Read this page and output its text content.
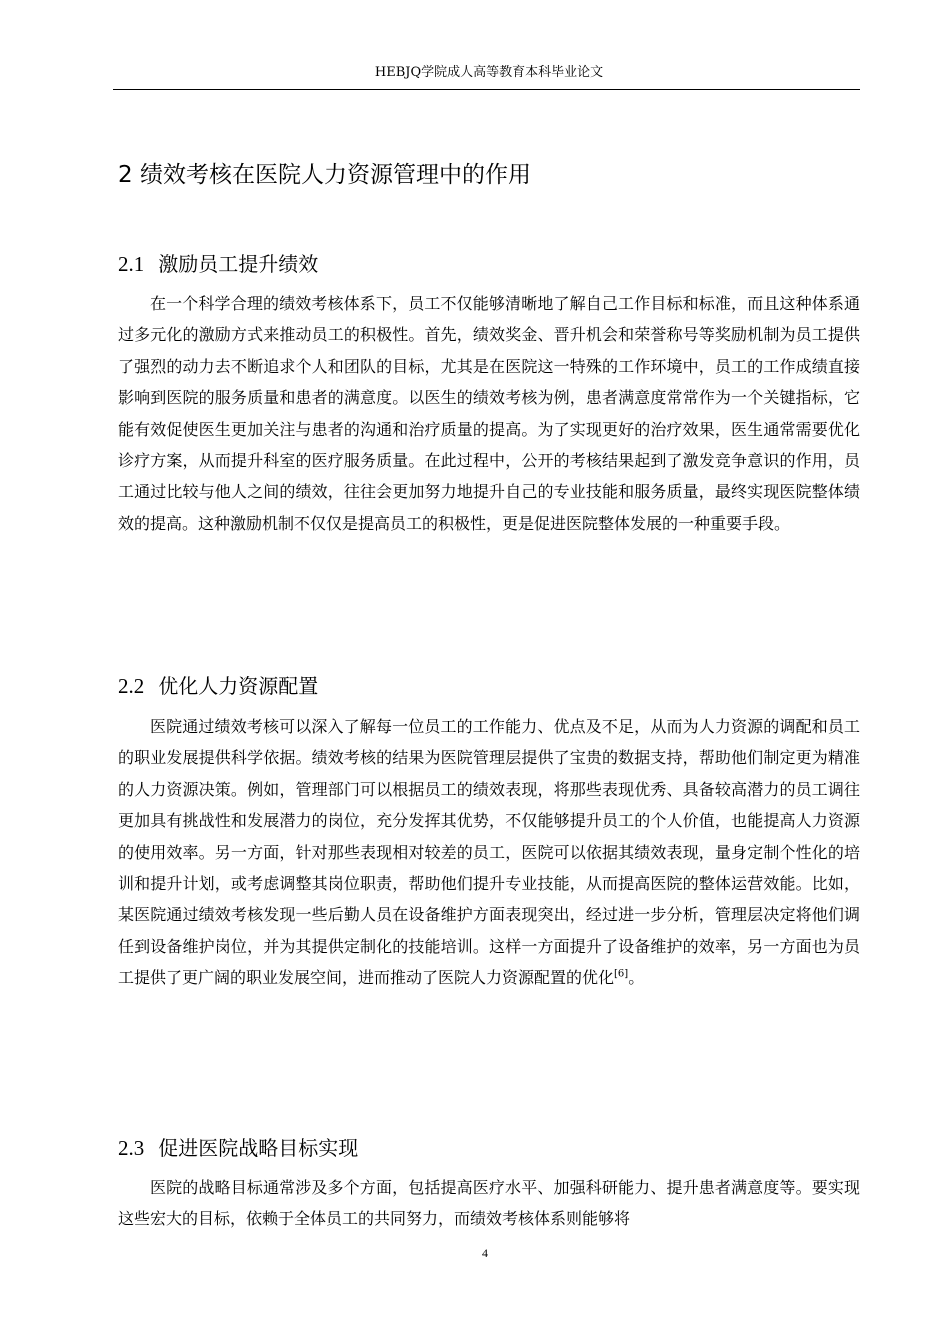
HEBJQ学院成人高等教育本科毕业论文
2 绩效考核在医院人力资源管理中的作用
2.1 激励员工提升绩效

在一个科学合理的绩效考核体系下，员工不仅能够清晰地了解自己工作目标和标准，而且这种体系通过多元化的激励方式来推动员工的积极性。首先，绩效奖金、晋升机会和荣誉称号等奖励机制为员工提供了强烈的动力去不断追求个人和团队的目标，尤其是在医院这一特殊的工作环境中，员工的工作成绩直接影响到医院的服务质量和患者的满意度。以医生的绩效考核为例，患者满意度常常作为一个关键指标，它能有效促使医生更加关注与患者的沟通和治疗质量的提高。为了实现更好的治疗效果，医生通常需要优化诊疗方案，从而提升科室的医疗服务质量。在此过程中，公开的考核结果起到了激发竞争意识的作用，员工通过比较与他人之间的绩效，往往会更加努力地提升自己的专业技能和服务质量，最终实现医院整体绩效的提高。这种激励机制不仅仅是提高员工的积极性，更是促进医院整体发展的一种重要手段。

2.2 优化人力资源配置

医院通过绩效考核可以深入了解每一位员工的工作能力、优点及不足，从而为人力资源的调配和员工的职业发展提供科学依据。绩效考核的结果为医院管理层提供了宝贵的数据支持，帮助他们制定更为精准的人力资源决策。例如，管理部门可以根据员工的绩效表现，将那些表现优秀、具备较高潜力的员工调往更加具有挑战性和发展潜力的岗位，充分发挥其优势，不仅能够提升员工的个人价值，也能提高人力资源的使用效率。另一方面，针对那些表现相对较差的员工，医院可以依据其绩效表现，量身定制个性化的培训和提升计划，或考虑调整其岗位职责，帮助他们提升专业技能，从而提高医院的整体运营效能。比如，某医院通过绩效考核发现一些后勤人员在设备维护方面表现突出，经过进一步分析，管理层决定将他们调任到设备维护岗位，并为其提供定制化的技能培训。这样一方面提升了设备维护的效率，另一方面也为员工提供了更广阔的职业发展空间，进而推动了医院人力资源配置的优化[6]。

2.3 促进医院战略目标实现

医院的战略目标通常涉及多个方面，包括提高医疗水平、加强科研能力、提升患者满意度等。要实现这些宏大的目标，依赖于全体员工的共同努力，而绩效考核体系则能够将

4
